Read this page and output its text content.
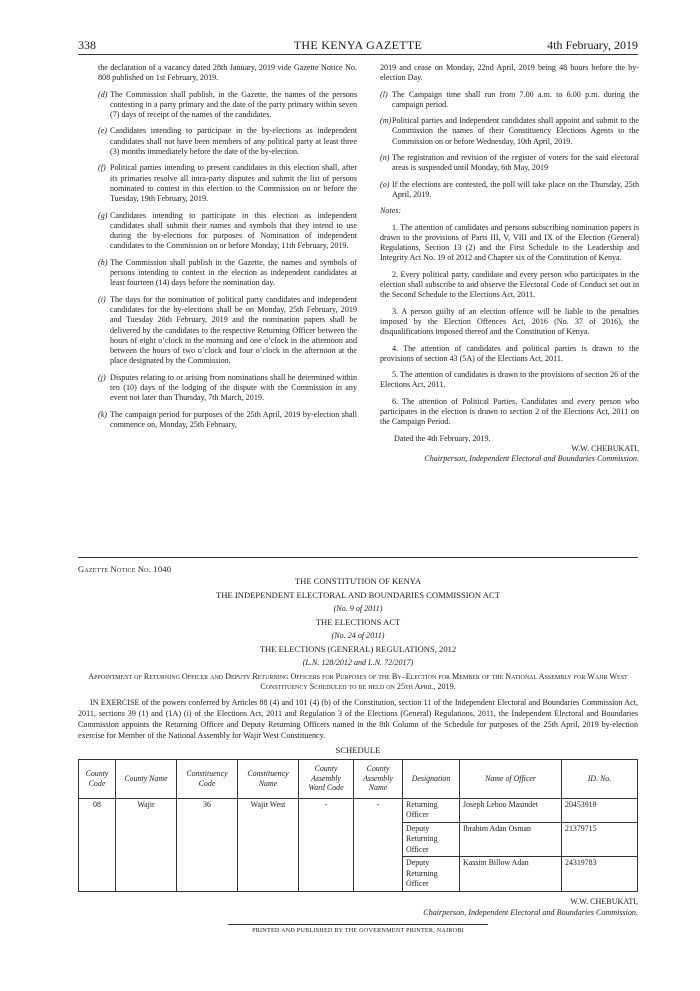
338	THE KENYA GAZETTE	4th February, 2019
the declaration of a vacancy dated 28th January, 2019 vide Gazette Notice No. 808 published on 1st February, 2019.
(d) The Commission shall publish, in the Gazette, the names of the persons contesting in a party primary and the date of the party primary within seven (7) days of receipt of the names of the candidates.
(e) Candidates intending to participate in the by-elections as independent candidates shall not have been members of any political party at least three (3) months immediately before the date of the by-election.
(f) Political parties intending to present candidates in this election shall, after its primaries resolve all intra-party disputes and submit the list of persons nominated to contest in this election to the Commission on or before the Tuesday, 19th February, 2019.
(g) Candidates intending to participate in this election as independent candidates shall submit their names and symbols that they intend to use during the by-elections for purposes of Nomination of independent candidates to the Commission on or before Monday, 11th February, 2019.
(h) The Commission shall publish in the Gazette, the names and symbols of persons intending to contest in the election as independent candidates at least fourteen (14) days before the nomination day.
(i) The days for the nomination of political party candidates and independent candidates for the by-elections shall be on Monday, 25th February, 2019 and Tuesday 26th February, 2019 and the nomination papers shall be delivered by the candidates to the respective Returning Officer between the hours of eight o’clock in the morning and one o’clock in the afternoon and between the hours of two o’clock and four o’clock in the afternoon at the place designated by the Commission.
(j) Disputes relating to or arising from nominations shall be determined within ten (10) days of the lodging of the dispute with the Commission in any event not later than Thursday, 7th March, 2019.
(k) The campaign period for purposes of the 25th April, 2019 by-election shall commence on, Monday, 25th February,
2019 and cease on Monday, 22nd April, 2019 being 48 hours before the by-election Day.
(l) The Campaign time shall run from 7.00 a.m. to 6.00 p.m. during the campaign period.
(m) Political parties and Independent candidates shall appoint and submit to the Commission the names of their Constituency Elections Agents to the Commission on or before Wednesday, 10th April, 2019.
(n) The registration and revision of the register of voters for the said electoral areas is suspended until Monday, 6th May, 2019
(o) If the elections are contested, the poll will take place on the Thursday, 25th April, 2019.
Notes:
1. The attention of candidates and persons subscribing nomination papers is drawn to the provisions of Parts III, V, VIII and IX of the Election (General) Regulations, Section 13 (2) and the First Schedule to the Leadership and Integrity Act No. 19 of 2012 and Chapter six of the Constitution of Kenya.
2. Every political party, candidate and every person who participates in the election shall subscribe to and observe the Electoral Code of Conduct set out in the Second Schedule to the Elections Act, 2011.
3. A person guilty of an election offence will be liable to the penalties imposed by the Election Offences Act, 2016 (No. 37 of 2016), the disqualifications imposed thereof and the Constitution of Kenya.
4. The attention of candidates and political parties is drawn to the provisions of section 43 (5A) of the Elections Act, 2011.
5. The attention of candidates is drawn to the provisions of section 26 of the Elections Act, 2011.
6. The attention of Political Parties, Candidates and every person who participates in the election is drawn to section 2 of the Elections Act, 2011 on the Campaign Period.
Dated the 4th February, 2019.
W.W. CHEBUKATI,
Chairperson, Independent Electoral and Boundaries Commission.
Gazette Notice No. 1040
THE CONSTITUTION OF KENYA
THE INDEPENDENT ELECTORAL AND BOUNDARIES COMMISSION ACT
(No. 9 of 2011)
THE ELECTIONS ACT
(No. 24 of 2011)
THE ELECTIONS (GENERAL) REGULATIONS, 2012
(L.N. 128/2012 and L.N. 72/2017)
Appointment of Returning Officer and Deputy Returning Officers for Purposes of the By–Election for Member of the National Assembly for Wajir West Constituency Scheduled to be held on 25th April, 2019.
IN EXERCISE of the powers conferred by Articles 88 (4) and 101 (4) (b) of the Constitution, section 11 of the Independent Electoral and Boundaries Commission Act, 2011, sections 39 (1) and (1A) (i) of the Elections Act, 2011 and Regulation 3 of the Elections (General) Regulations, 2011, the Independent Electoral and Boundaries Commission appoints the Returning Officer and Deputy Returning Officers named in the 8th Column of the Schedule for purposes of the 25th April, 2019 by-election exercise for Member of the National Assembly for Wajir West Constituency.
SCHEDULE
County Code	County Name	Constituency Code	Constituency Name	County Assembly Ward Code	County Assembly Name	Designation	Name of Officer	ID. No.
08	Wajir	36	Wajir West	-	-	Returning Officer	Joseph Leboo Masindet	20453919
						Deputy Returning Officer	Ibrahim Adan Osman	21379715
						Deputy Returning Officer	Kassim Billow Adan	24319783
W.W. CHEBUKATI,
Chairperson, Independent Electoral and Boundaries Commission.
PRINTED AND PUBLISHED BY THE GOVERNMENT PRINTER, NAIROBI
